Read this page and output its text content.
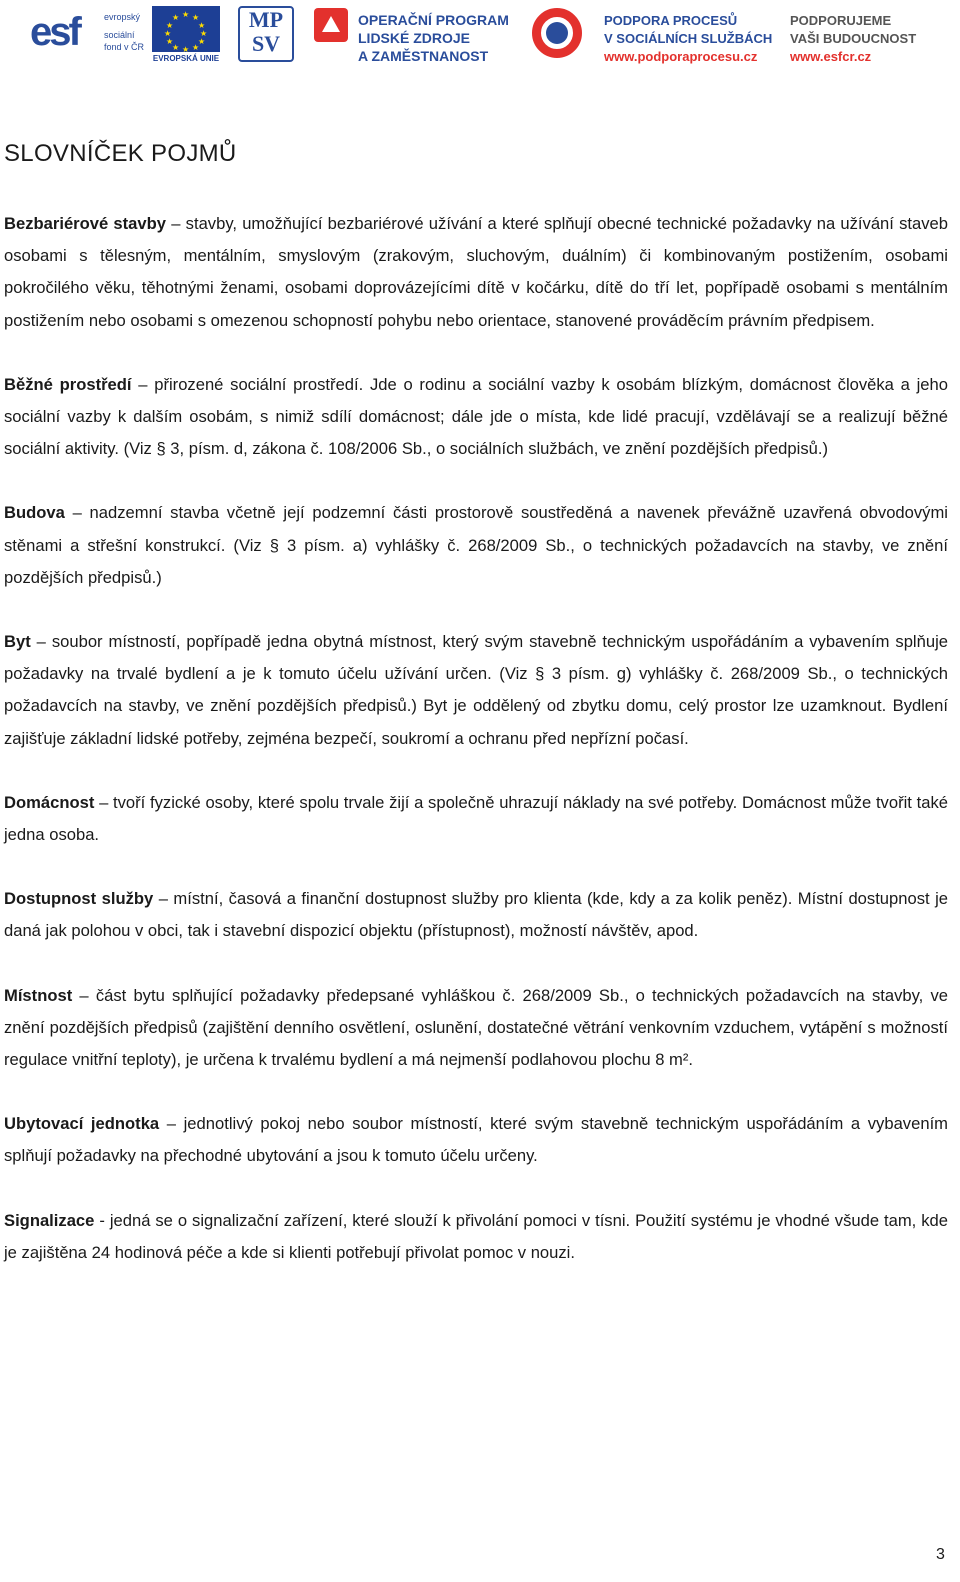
esf	evropský
sociální
fond v ČR
★ ★
★
★
★
★
★
★
★
★
★
★
EVROPSKÁ UNIE
MP
SV
OPERAČNÍ PROGRAM
LIDSKÉ ZDROJE
A ZAMĚSTNANOST
PODPORA PROCESŮ
V SOCIÁLNÍCH SLUŽBÁCH
www.podporaprocesu.cz
PODPORUJEME
VAŠI BUDOUCNOST
www.esfcr.cz
SLOVNÍČEK POJMŮ

Bezbariérové stavby – stavby, umožňující bezbariérové užívání a které splňují obecné technické požadavky na užívání staveb osobami s tělesným, mentálním, smyslovým (zrakovým, sluchovým, duálním) či kombinovaným postižením, osobami pokročilého věku, těhotnými ženami, osobami doprovázejícími dítě v kočárku, dítě do tří let, popřípadě osobami s mentálním postižením nebo osobami s omezenou schopností pohybu nebo orientace, stanovené prováděcím právním předpisem.

Běžné prostředí – přirozené sociální prostředí. Jde o rodinu a sociální vazby k osobám blízkým, domácnost člověka a jeho sociální vazby k dalším osobám, s nimiž sdílí domácnost; dále jde o místa, kde lidé pracují, vzdělávají se a realizují běžné sociální aktivity. (Viz § 3, písm. d, zákona č. 108/2006 Sb., o sociálních službách, ve znění pozdějších předpisů.)

Budova – nadzemní stavba včetně její podzemní části prostorově soustředěná a navenek převážně uzavřená obvodovými stěnami a střešní konstrukcí. (Viz § 3 písm. a) vyhlášky č. 268/2009 Sb., o technických požadavcích na stavby, ve znění pozdějších předpisů.)

Byt – soubor místností, popřípadě jedna obytná místnost, který svým stavebně technickým uspořádáním a vybavením splňuje požadavky na trvalé bydlení a je k tomuto účelu užívání určen. (Viz § 3 písm. g) vyhlášky č. 268/2009 Sb., o technických požadavcích na stavby, ve znění pozdějších předpisů.) Byt je oddělený od zbytku domu, celý prostor lze uzamknout. Bydlení zajišťuje základní lidské potřeby, zejména bezpečí, soukromí a ochranu před nepřízní počasí.

Domácnost – tvoří fyzické osoby, které spolu trvale žijí a společně uhrazují náklady na své potřeby. Domácnost může tvořit také jedna osoba.

Dostupnost služby – místní, časová a finanční dostupnost služby pro klienta (kde, kdy a za kolik peněz). Místní dostupnost je daná jak polohou v obci, tak i stavební dispozicí objektu (přístupnost), možností návštěv, apod.

Místnost – část bytu splňující požadavky předepsané vyhláškou č. 268/2009 Sb., o technických požadavcích na stavby, ve znění pozdějších předpisů (zajištění denního osvětlení, oslunění, dostatečné větrání venkovním vzduchem, vytápění s možností regulace vnitřní teploty), je určena k trvalému bydlení a má nejmenší podlahovou plochu 8 m².

Ubytovací jednotka – jednotlivý pokoj nebo soubor místností, které svým stavebně technickým uspořádáním a vybavením splňují požadavky na přechodné ubytování a jsou k tomuto účelu určeny.

Signalizace - jedná se o signalizační zařízení, které slouží k přivolání pomoci v tísni. Použití systému je vhodné všude tam, kde je zajištěna 24 hodinová péče a kde si klienti potřebují přivolat pomoc v nouzi.

3
